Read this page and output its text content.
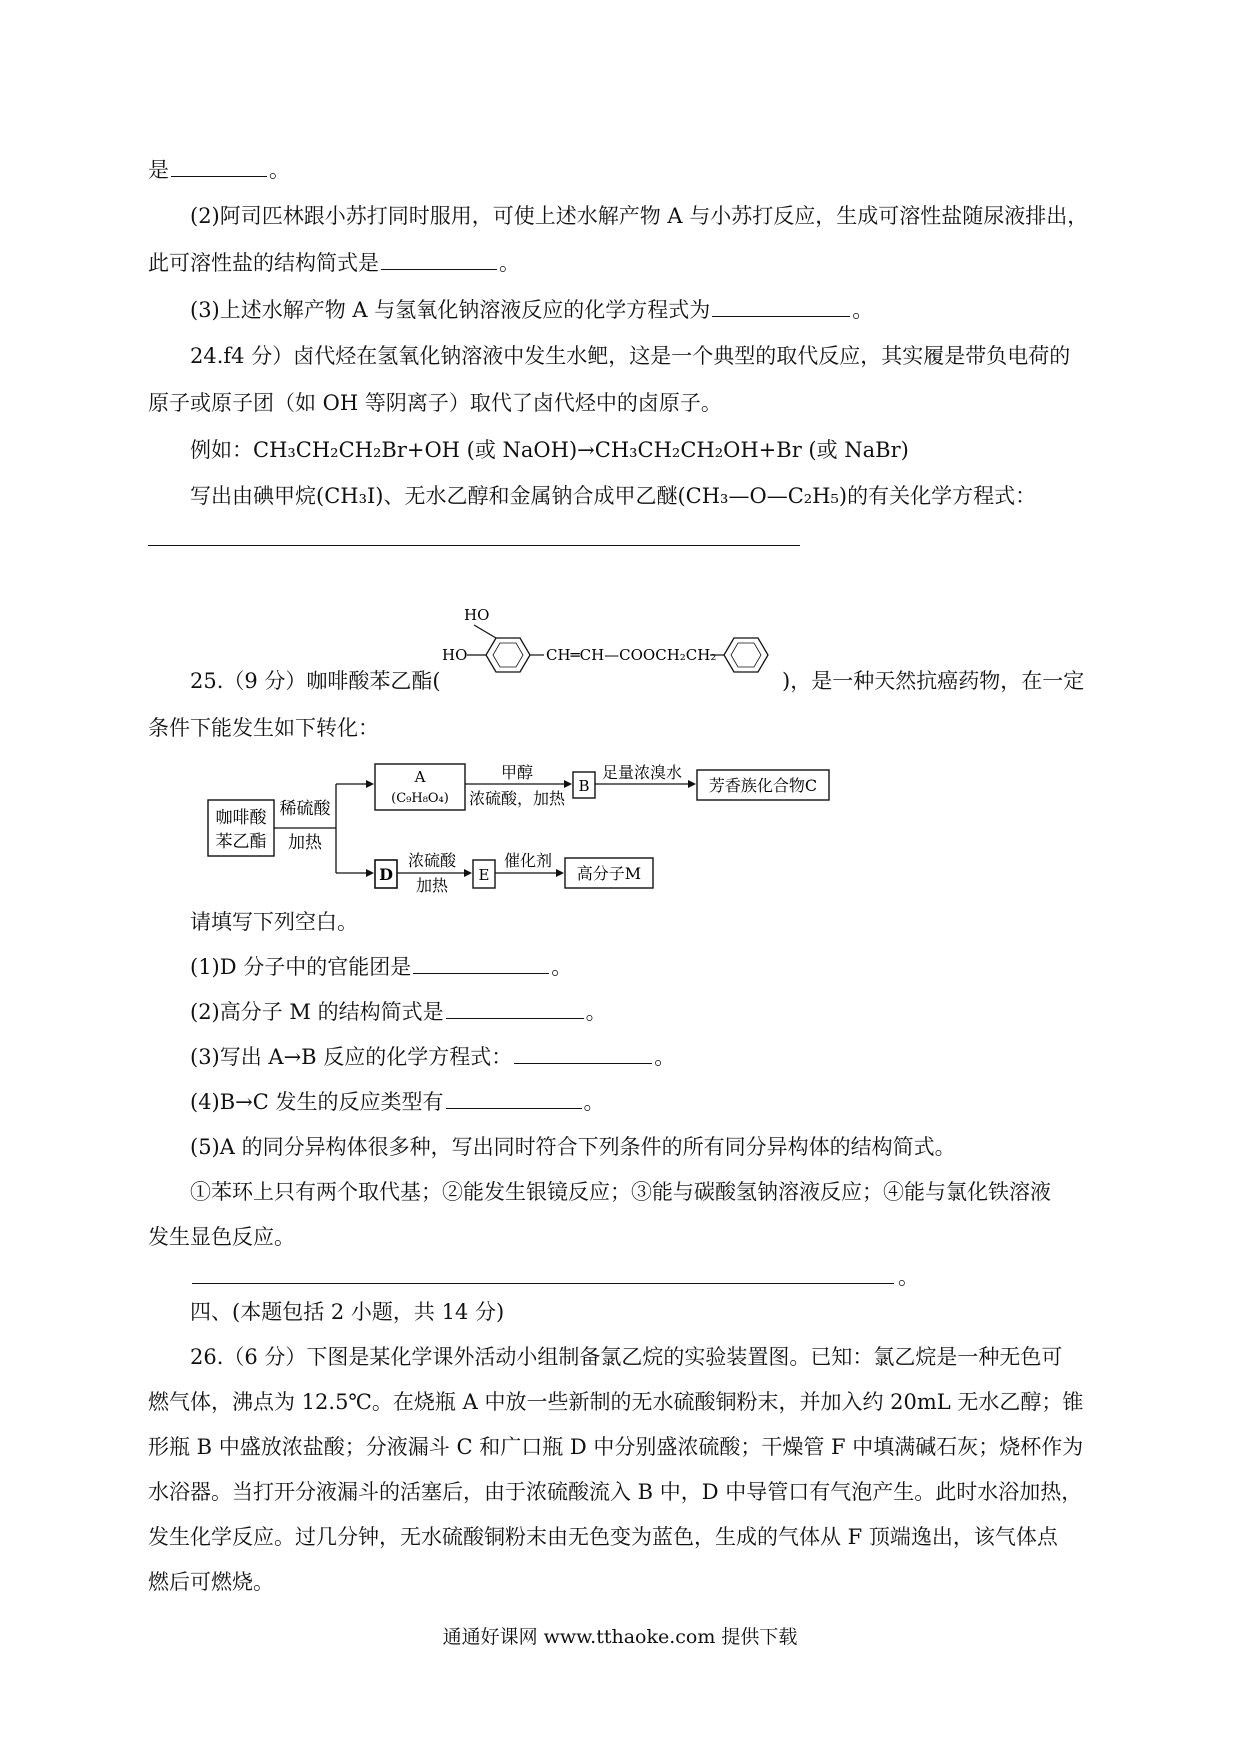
是	。
(2)阿司匹林跟小苏打同时服用，可使上述水解产物 A 与小苏打反应，生成可溶性盐随尿液排出，
此可溶性盐的结构简式是	。
(3)上述水解产物 A 与氢氧化钠溶液反应的化学方程式为	。
24.f4 分）卤代烃在氢氧化钠溶液中发生水鲃，这是一个典型的取代反应，其实履是带负电荷的
原子或原子团（如 OH 等阴离子）取代了卤代烃中的卤原子。
例如：CH₃CH₂CH₂Br+OH (或 NaOH)→CH₃CH₂CH₂OH+Br (或 NaBr)
写出由碘甲烷(CH₃I)、无水乙醇和金属钠合成甲乙醚(CH₃—O—C₂H₅)的有关化学方程式：
HO
HO	CH═CH—COOCH₂CH₂
25.（9 分）咖啡酸苯乙酯(	)，是一种天然抗癌药物，在一定
条件下能发生如下转化：
咖啡酸
苯乙酯
稀硫酸
加热
A
(C₉H₈O₄)
甲醇
浓硫酸，加热
B
足量浓溴水
芳香族化合物C
D
浓硫酸
加热
E
催化剂
高分子M
请填写下列空白。
(1)D 分子中的官能团是	。
(2)高分子 M 的结构简式是	。
(3)写出 A→B 反应的化学方程式：	。
(4)B→C 发生的反应类型有	。
(5)A 的同分异构体很多种，写出同时符合下列条件的所有同分异构体的结构简式。
①苯环上只有两个取代基；②能发生银镜反应；③能与碳酸氢钠溶液反应；④能与氯化铁溶液
发生显色反应。
。
四、(本题包括 2 小题，共 14 分)
26.（6 分）下图是某化学课外活动小组制备氯乙烷的实验装置图。已知：氯乙烷是一种无色可
燃气体，沸点为 12.5℃。在烧瓶 A 中放一些新制的无水硫酸铜粉末，并加入约 20mL 无水乙醇；锥
形瓶 B 中盛放浓盐酸；分液漏斗 C 和广口瓶 D 中分别盛浓硫酸；干燥管 F 中填满碱石灰；烧杯作为
水浴器。当打开分液漏斗的活塞后，由于浓硫酸流入 B 中，D 中导管口有气泡产生。此时水浴加热，
发生化学反应。过几分钟，无水硫酸铜粉末由无色变为蓝色，生成的气体从 F 顶端逸出，该气体点
燃后可燃烧。
通通好课网 www.tthaoke.com 提供下载
